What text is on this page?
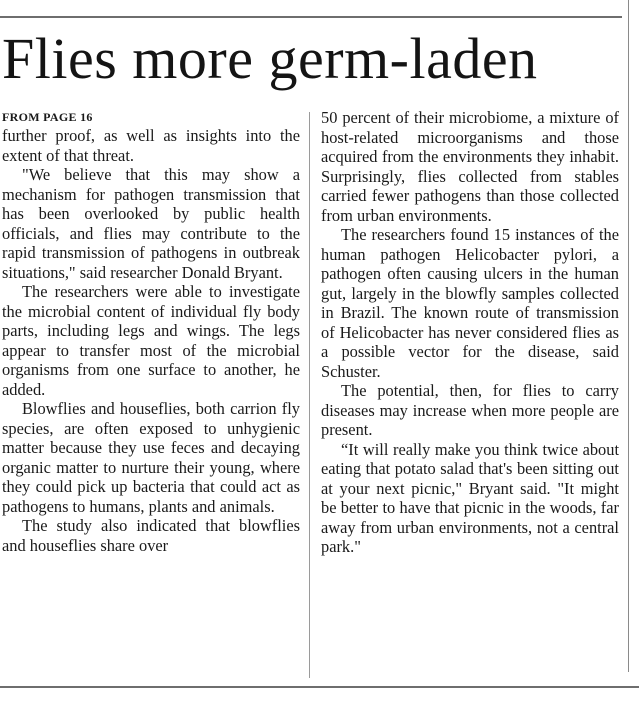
Flies more germ-laden
FROM PAGE 16

further proof, as well as insights into the extent of that threat.

"We believe that this may show a mechanism for pathogen transmission that has been overlooked by public health officials, and flies may contribute to the rapid transmission of pathogens in outbreak situations," said researcher Donald Bryant.

The researchers were able to investigate the microbial content of individual fly body parts, including legs and wings. The legs appear to transfer most of the microbial organisms from one surface to another, he added.

Blowflies and houseflies, both carrion fly species, are often exposed to unhygienic matter because they use feces and decaying organic matter to nurture their young, where they could pick up bacteria that could act as pathogens to humans, plants and animals.

The study also indicated that blowflies and houseflies share over

50 percent of their microbiome, a mixture of host-related microorganisms and those acquired from the environments they inhabit. Surprisingly, flies collected from stables carried fewer pathogens than those collected from urban environments.

The researchers found 15 instances of the human pathogen Helicobacter pylori, a pathogen often causing ulcers in the human gut, largely in the blowfly samples collected in Brazil. The known route of transmission of Helicobacter has never considered flies as a possible vector for the disease, said Schuster.

The potential, then, for flies to carry diseases may increase when more people are present.

“It will really make you think twice about eating that potato salad that's been sitting out at your next picnic," Bryant said. "It might be better to have that picnic in the woods, far away from urban environments, not a central park."
